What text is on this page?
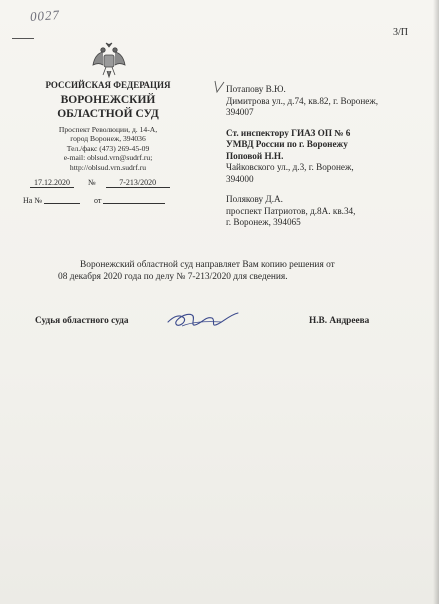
0027
3/П
РОССИЙСКАЯ ФЕДЕРАЦИЯ
ВОРОНЕЖСКИЙ
ОБЛАСТНОЙ СУД
Проспект Революции, д. 14-А,
город Воронеж, 394036
Тел./факс (473) 269-45-09
e-mail: oblsud.vrn@sudrf.ru;
http://oblsud.vrn.sudrf.ru
17.12.2020 №	7-213/2020
На №	от
Потапову В.Ю.
Димитрова ул., д.74, кв.82, г. Воронеж,
394007
Ст. инспектору ГИАЗ ОП № 6
УМВД России по г. Воронежу
Поповой Н.Н.
Чайковского ул., д.3, г. Воронеж,
394000
Полякову Д.А.
проспект Патриотов, д.8А. кв.34,
г. Воронеж, 394065
Воронежский областной суд направляет Вам копию решения от
08 декабря 2020 года по делу № 7-213/2020 для сведения.
Судья областного суда	Н.В. Андреева
